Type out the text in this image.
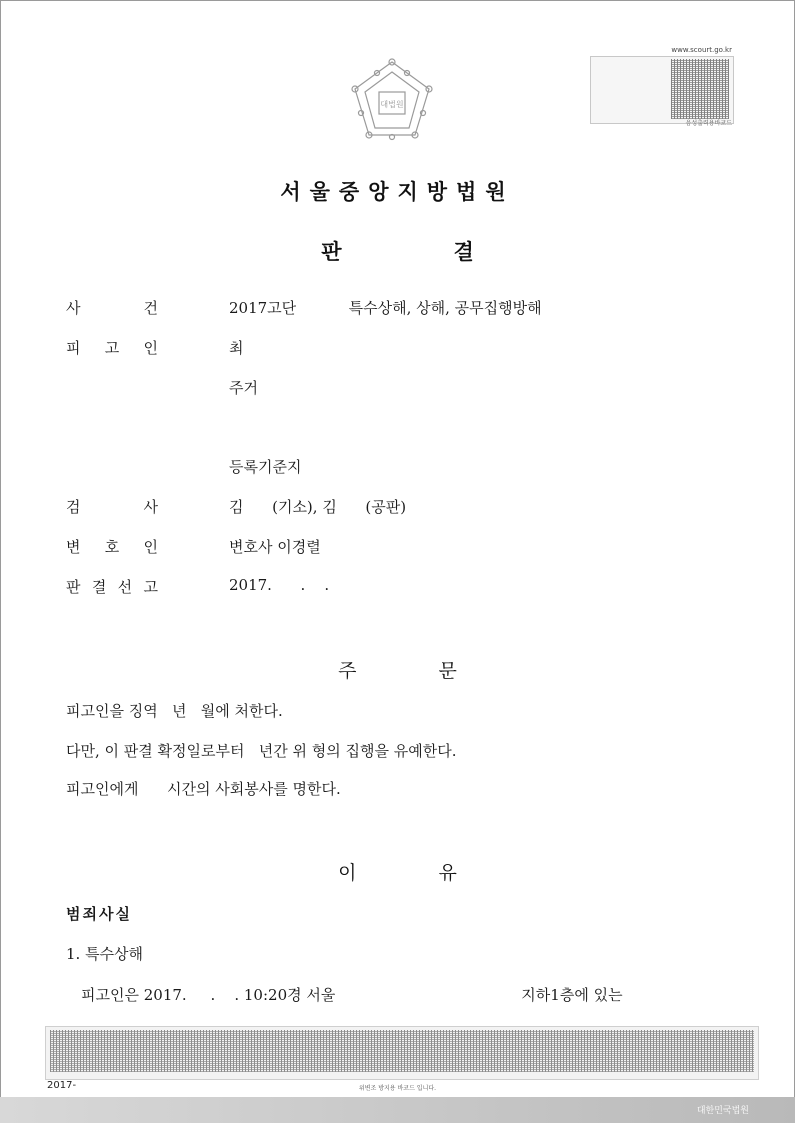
www.scourt.go.kr
음성출력용바코드
대법원
서울중앙지방법원
판	결
사	건	2017고단           특수상해, 상해, 공무집행방해
피 고 인	최
주거
등록기준지
검	사	김      (기소), 김      (공판)
변 호 인	변호사 이경렬
판 결 선 고	2017.      .    .
주	문
피고인을 징역   년   월에 처한다.
다만, 이 판결 확정일로부터   년간 위 형의 집행을 유예한다.
피고인에게      시간의 사회봉사를 명한다.
이	유
범죄사실
1. 특수상해
피고인은 2017.     .    . 10:20경 서울                                       지하1층에 있는
2017-	위변조 방지용 바코드 입니다.
대한민국법원
